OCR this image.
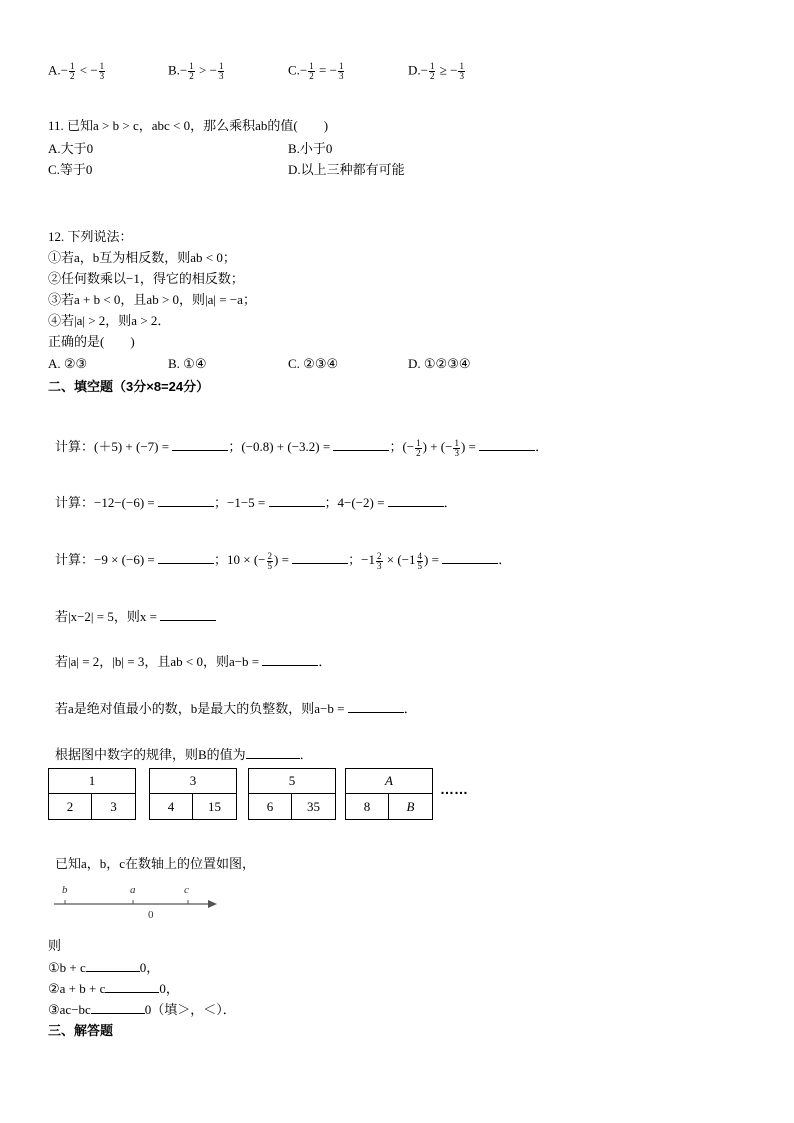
$A.- \frac{1}{2}$ < − $\frac{1}{3}$	$B.- \frac{1}{2}$ > − $\frac{1}{3}$	$C.- \frac{1}{2}$ = − $\frac{1}{3}$	$D.- \frac{1}{2}$ ≥ − $\frac{1}{3}$
11. 已知a > b > c，abc < 0，那么乘积ab的值(　　)
A.大于0	B.小于0
C.等于0	D.以上三种都有可能
12. 下列说法：
①若a，b互为相反数，则ab < 0；
②任何数乘以−1，得它的相反数；
③若a + b < 0，且ab > 0，则|a| = −a；
④若|a| > 2，则a > 2．
正确的是(　　)
A. ②③	B. ①④	C. ②③④	D. ①②③④
二、填空题（3分×8=24分）
计算：(＋5) + (−7) =	；(−0.8) + (−3.2) =	；(− $\frac{1}{2}$ ) + (− $\frac{1}{3}$ ) =	．
计算：−12−(−6) =	；−1−5 =	；4−(−2) =	．
计算：−9 × (−6) =	；10 × (− $\frac{2}{5}$ ) =	；$-1 \frac{2}{3} \times (-1 \frac{4}{5}$ ) =	．
若|x−2| = 5，则x =
若|a| = 2，|b| = 3，且ab < 0，则a−b =	．
若a是绝对值最小的数，b是最大的负整数，则a−b =	．
根据图中数字的规律，则B的值为	．
1
2	3
3
4	15
5
6	35
A
8	B
……
已知a，b，c在数轴上的位置如图，
b	a	c
0
则
①b + c	0，
②a + b + c	0，
③ac−bc	0（填＞，＜）．
三、解答题
